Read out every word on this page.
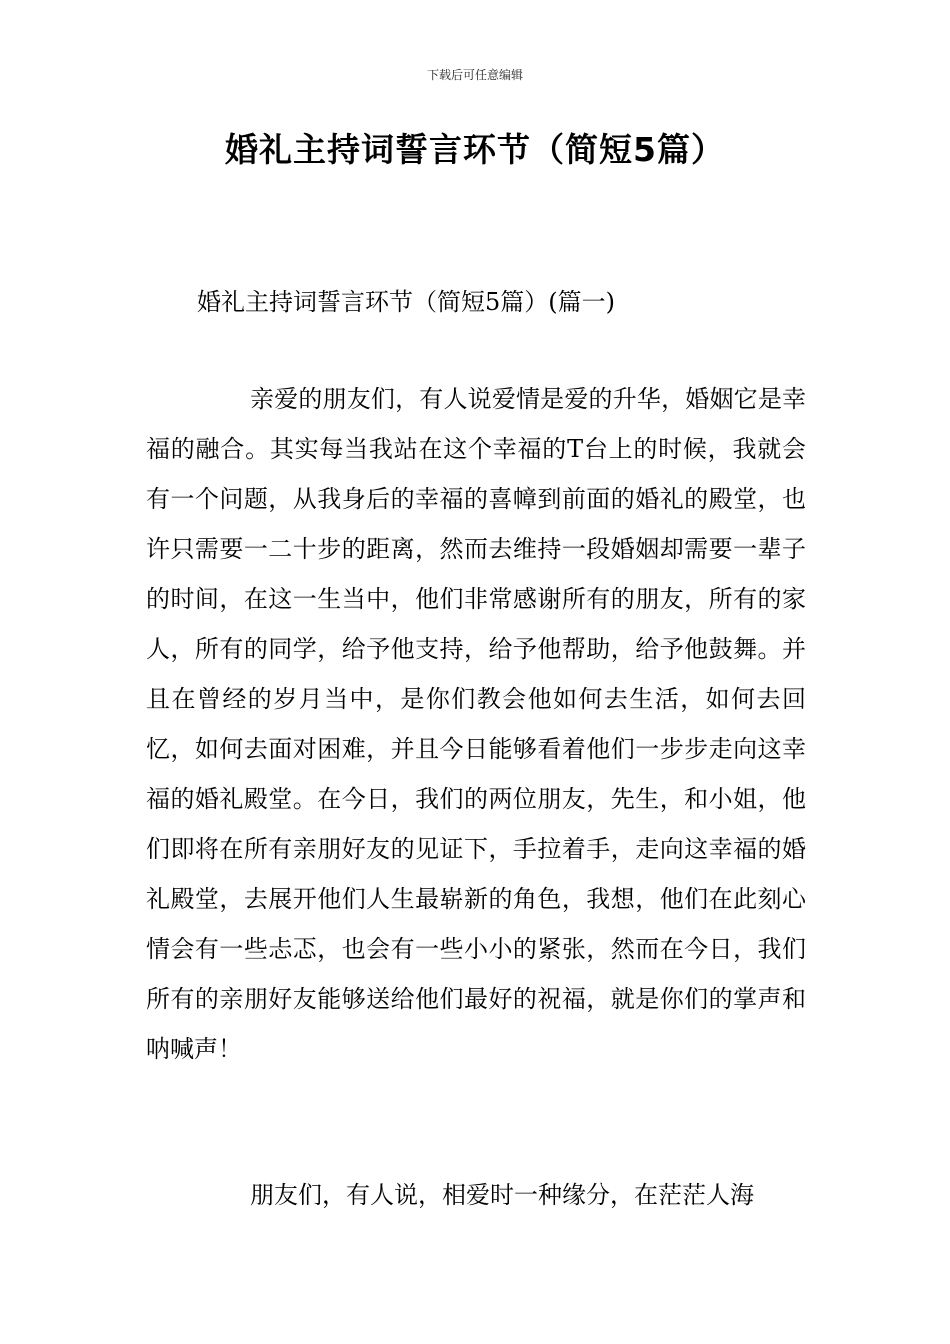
下载后可任意编辑
婚礼主持词誓言环节（简短5篇）
婚礼主持词誓言环节（简短5篇）(篇一)

亲爱的朋友们，有人说爱情是爱的升华，婚姻它是幸福的融合。其实每当我站在这个幸福的T台上的时候，我就会有一个问题，从我身后的幸福的喜幛到前面的婚礼的殿堂，也许只需要一二十步的距离，然而去维持一段婚姻却需要一辈子的时间，在这一生当中，他们非常感谢所有的朋友，所有的家人，所有的同学，给予他支持，给予他帮助，给予他鼓舞。并且在曾经的岁月当中，是你们教会他如何去生活，如何去回忆，如何去面对困难，并且今日能够看着他们一步步走向这幸福的婚礼殿堂。在今日，我们的两位朋友，先生，和小姐，他们即将在所有亲朋好友的见证下，手拉着手，走向这幸福的婚礼殿堂，去展开他们人生最崭新的角色，我想，他们在此刻心情会有一些忐忑，也会有一些小小的紧张，然而在今日，我们所有的亲朋好友能够送给他们最好的祝福，就是你们的掌声和呐喊声！

朋友们，有人说，相爱时一种缘分，在茫茫人海
